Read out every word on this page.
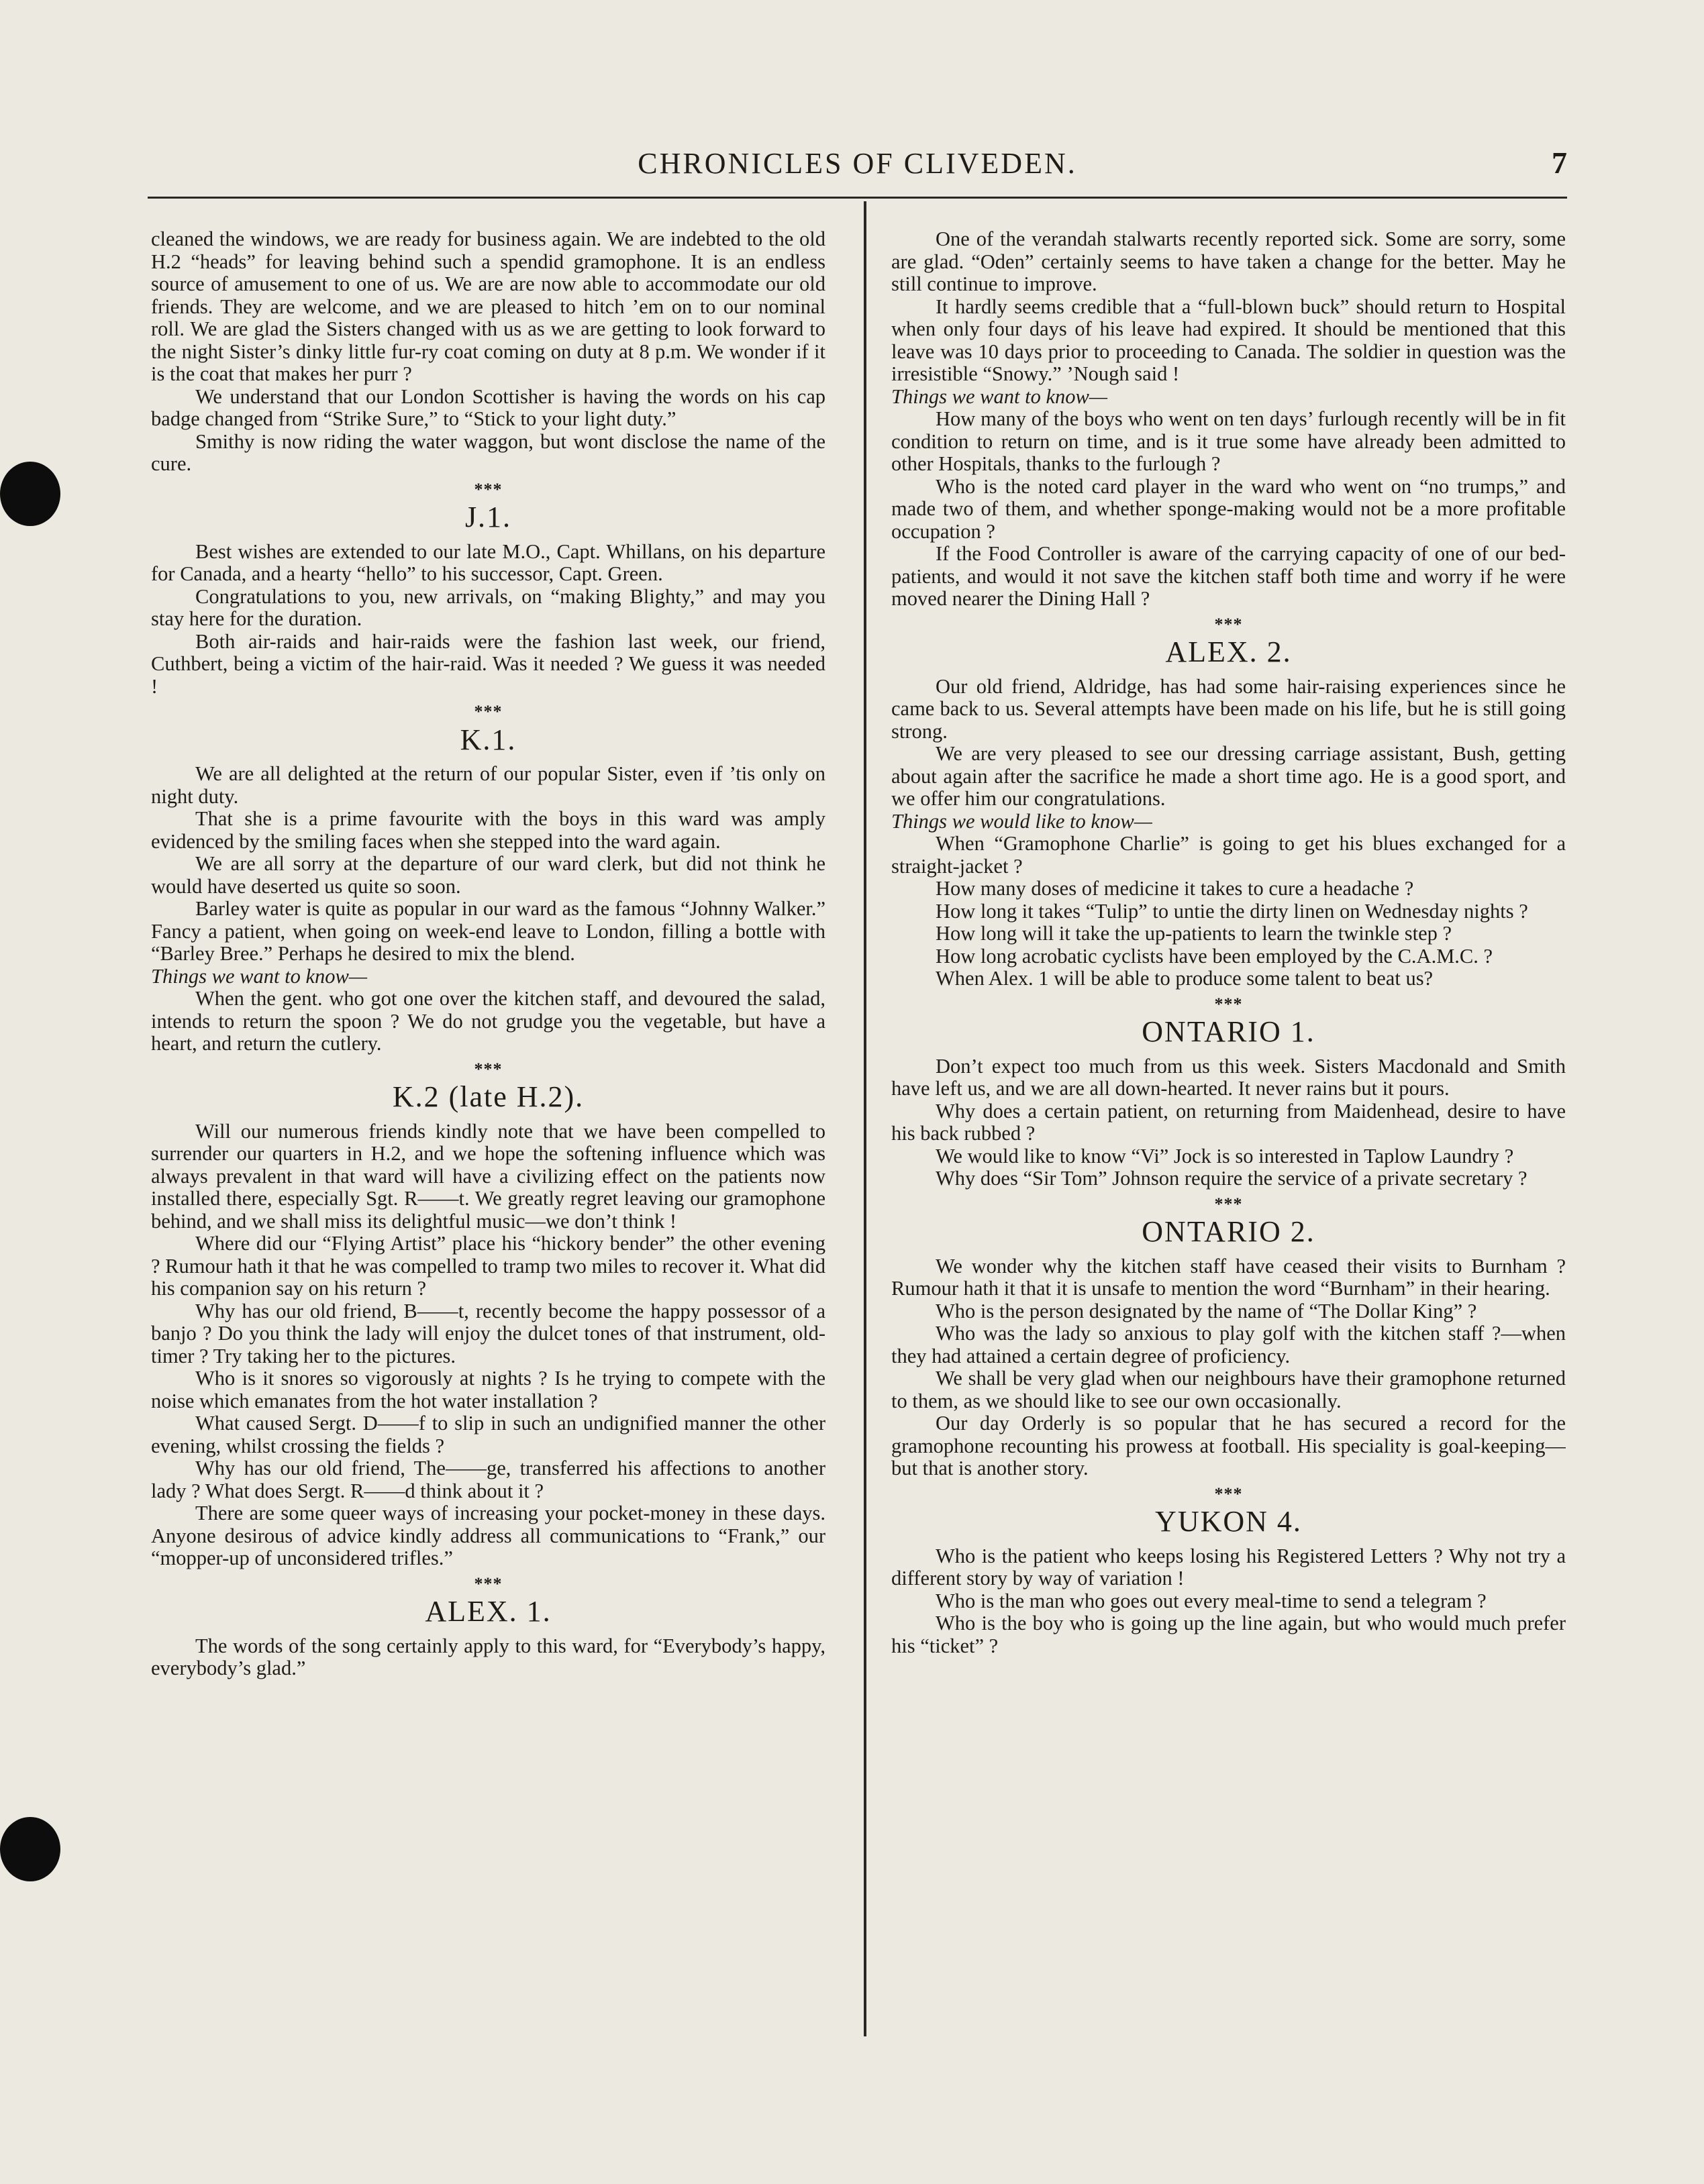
CHRONICLES OF CLIVEDEN.	7

cleaned the windows, we are ready for business again. We are indebted to the old H.2 “heads” for leaving behind such a spendid gramophone. It is an endless source of amusement to one of us. We are are now able to accommodate our old friends. They are welcome, and we are pleased to hitch ’em on to our nominal roll. We are glad the Sisters changed with us as we are getting to look forward to the night Sister’s dinky little fur-ry coat coming on duty at 8 p.m. We wonder if it is the coat that makes her purr ?

We understand that our London Scottisher is having the words on his cap badge changed from “Strike Sure,” to “Stick to your light duty.”

Smithy is now riding the water waggon, but wont disclose the name of the cure.

***
J.1.

Best wishes are extended to our late M.O., Capt. Whillans, on his departure for Canada, and a hearty “hello” to his successor, Capt. Green.

Congratulations to you, new arrivals, on “making Blighty,” and may you stay here for the duration.

Both air-raids and hair-raids were the fashion last week, our friend, Cuthbert, being a victim of the hair-raid. Was it needed ? We guess it was needed !

***
K.1.

We are all delighted at the return of our popular Sister, even if ’tis only on night duty.

That she is a prime favourite with the boys in this ward was amply evidenced by the smiling faces when she stepped into the ward again.

We are all sorry at the departure of our ward clerk, but did not think he would have deserted us quite so soon.

Barley water is quite as popular in our ward as the famous “Johnny Walker.” Fancy a patient, when going on week-end leave to London, filling a bottle with “Barley Bree.” Perhaps he desired to mix the blend.

Things we want to know—

When the gent. who got one over the kitchen staff, and devoured the salad, intends to return the spoon ? We do not grudge you the vegetable, but have a heart, and return the cutlery.

***
K.2 (late H.2).

Will our numerous friends kindly note that we have been compelled to surrender our quarters in H.2, and we hope the softening influence which was always prevalent in that ward will have a civilizing effect on the patients now installed there, especially Sgt. R——t. We greatly regret leaving our gramophone behind, and we shall miss its delightful music—we don’t think !

Where did our “Flying Artist” place his “hickory bender” the other evening ? Rumour hath it that he was compelled to tramp two miles to recover it. What did his companion say on his return ?

Why has our old friend, B——t, recently become the happy possessor of a banjo ? Do you think the lady will enjoy the dulcet tones of that instrument, old-timer ? Try taking her to the pictures.

Who is it snores so vigorously at nights ? Is he trying to compete with the noise which emanates from the hot water installation ?

What caused Sergt. D——f to slip in such an undignified manner the other evening, whilst crossing the fields ?

Why has our old friend, The——ge, transferred his affections to another lady ? What does Sergt. R——d think about it ?

There are some queer ways of increasing your pocket-money in these days. Anyone desirous of advice kindly address all communications to “Frank,” our “mopper-up of unconsidered trifles.”

***
ALEX. 1.

The words of the song certainly apply to this ward, for “Everybody’s happy, everybody’s glad.”

One of the verandah stalwarts recently reported sick. Some are sorry, some are glad. “Oden” certainly seems to have taken a change for the better. May he still continue to improve.

It hardly seems credible that a “full-blown buck” should return to Hospital when only four days of his leave had expired. It should be mentioned that this leave was 10 days prior to proceeding to Canada. The soldier in question was the irresistible “Snowy.” ’Nough said !

Things we want to know—

How many of the boys who went on ten days’ furlough recently will be in fit condition to return on time, and is it true some have already been admitted to other Hospitals, thanks to the furlough ?

Who is the noted card player in the ward who went on “no trumps,” and made two of them, and whether sponge-making would not be a more profitable occupation ?

If the Food Controller is aware of the carrying capacity of one of our bed-patients, and would it not save the kitchen staff both time and worry if he were moved nearer the Dining Hall ?

***
ALEX. 2.

Our old friend, Aldridge, has had some hair-raising experiences since he came back to us. Several attempts have been made on his life, but he is still going strong.

We are very pleased to see our dressing carriage assistant, Bush, getting about again after the sacrifice he made a short time ago. He is a good sport, and we offer him our congratulations.

Things we would like to know—

When “Gramophone Charlie” is going to get his blues exchanged for a straight-jacket ?

How many doses of medicine it takes to cure a headache ?

How long it takes “Tulip” to untie the dirty linen on Wednesday nights ?

How long will it take the up-patients to learn the twinkle step ?

How long acrobatic cyclists have been employed by the C.A.M.C. ?

When Alex. 1 will be able to produce some talent to beat us?

***
ONTARIO 1.

Don’t expect too much from us this week. Sisters Macdonald and Smith have left us, and we are all down-hearted. It never rains but it pours.

Why does a certain patient, on returning from Maidenhead, desire to have his back rubbed ?

We would like to know “Vi” Jock is so interested in Taplow Laundry ?

Why does “Sir Tom” Johnson require the service of a private secretary ?

***
ONTARIO 2.

We wonder why the kitchen staff have ceased their visits to Burnham ? Rumour hath it that it is unsafe to mention the word “Burnham” in their hearing.

Who is the person designated by the name of “The Dollar King” ?

Who was the lady so anxious to play golf with the kitchen staff ?—when they had attained a certain degree of proficiency.

We shall be very glad when our neighbours have their gramophone returned to them, as we should like to see our own occasionally.

Our day Orderly is so popular that he has secured a record for the gramophone recounting his prowess at football. His speciality is goal-keeping—but that is another story.

***
YUKON 4.

Who is the patient who keeps losing his Registered Letters ? Why not try a different story by way of variation !

Who is the man who goes out every meal-time to send a telegram ?

Who is the boy who is going up the line again, but who would much prefer his “ticket” ?
